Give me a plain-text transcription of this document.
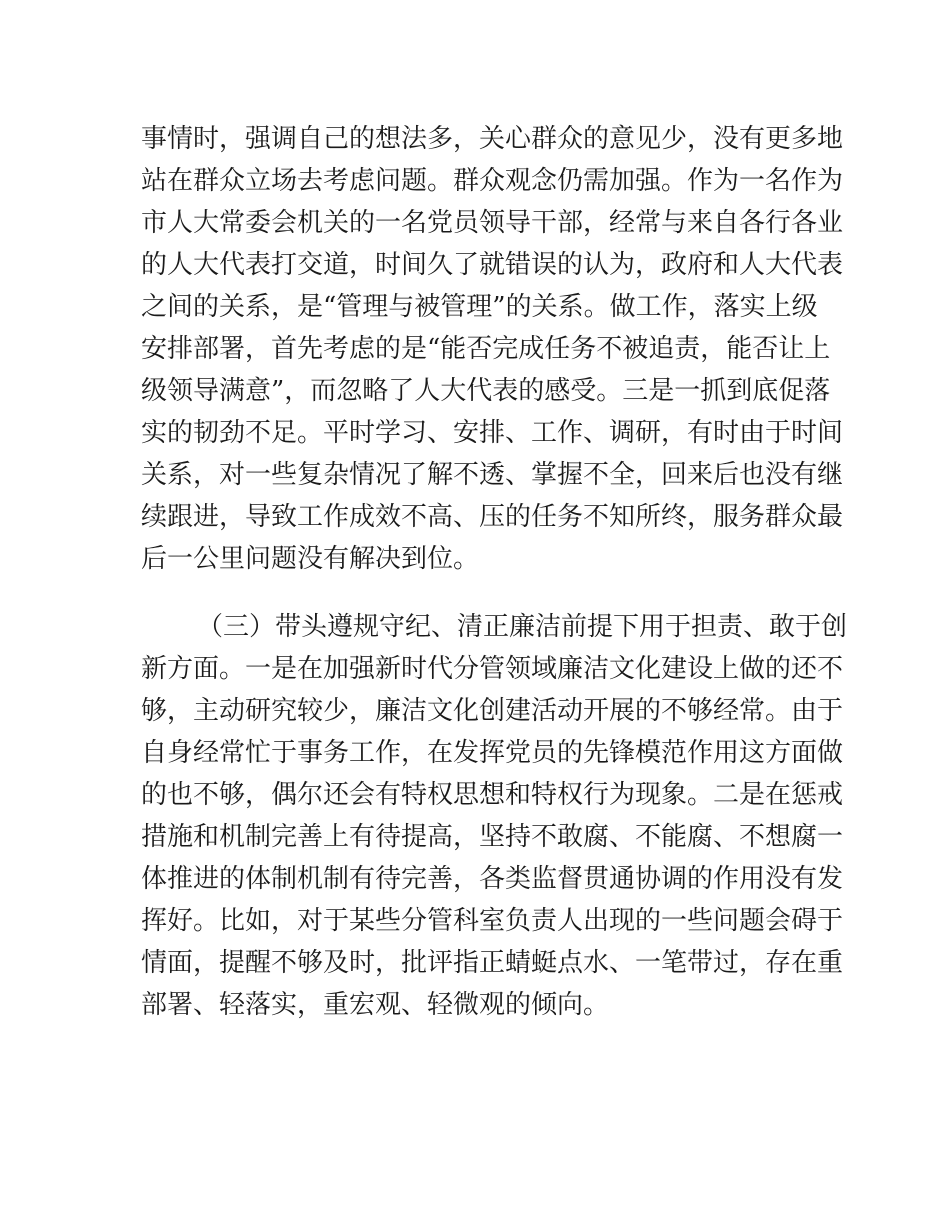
事情时，强调自己的想法多，关心群众的意见少，没有更多地
站在群众立场去考虑问题。群众观念仍需加强。作为一名作为
市人大常委会机关的一名党员领导干部，经常与来自各行各业
的人大代表打交道，时间久了就错误的认为，政府和人大代表
之间的关系，是“管理与被管理”的关系。做工作，落实上级
安排部署，首先考虑的是“能否完成任务不被追责，能否让上
级领导满意”，而忽略了人大代表的感受。三是一抓到底促落
实的韧劲不足。平时学习、安排、工作、调研，有时由于时间
关系，对一些复杂情况了解不透、掌握不全，回来后也没有继
续跟进，导致工作成效不高、压的任务不知所终，服务群众最
后一公里问题没有解决到位。
（三）带头遵规守纪、清正廉洁前提下用于担责、敢于创
新方面。一是在加强新时代分管领域廉洁文化建设上做的还不
够，主动研究较少，廉洁文化创建活动开展的不够经常。由于
自身经常忙于事务工作，在发挥党员的先锋模范作用这方面做
的也不够，偶尔还会有特权思想和特权行为现象。二是在惩戒
措施和机制完善上有待提高，坚持不敢腐、不能腐、不想腐一
体推进的体制机制有待完善，各类监督贯通协调的作用没有发
挥好。比如，对于某些分管科室负责人出现的一些问题会碍于
情面，提醒不够及时，批评指正蜻蜓点水、一笔带过，存在重
部署、轻落实，重宏观、轻微观的倾向。
